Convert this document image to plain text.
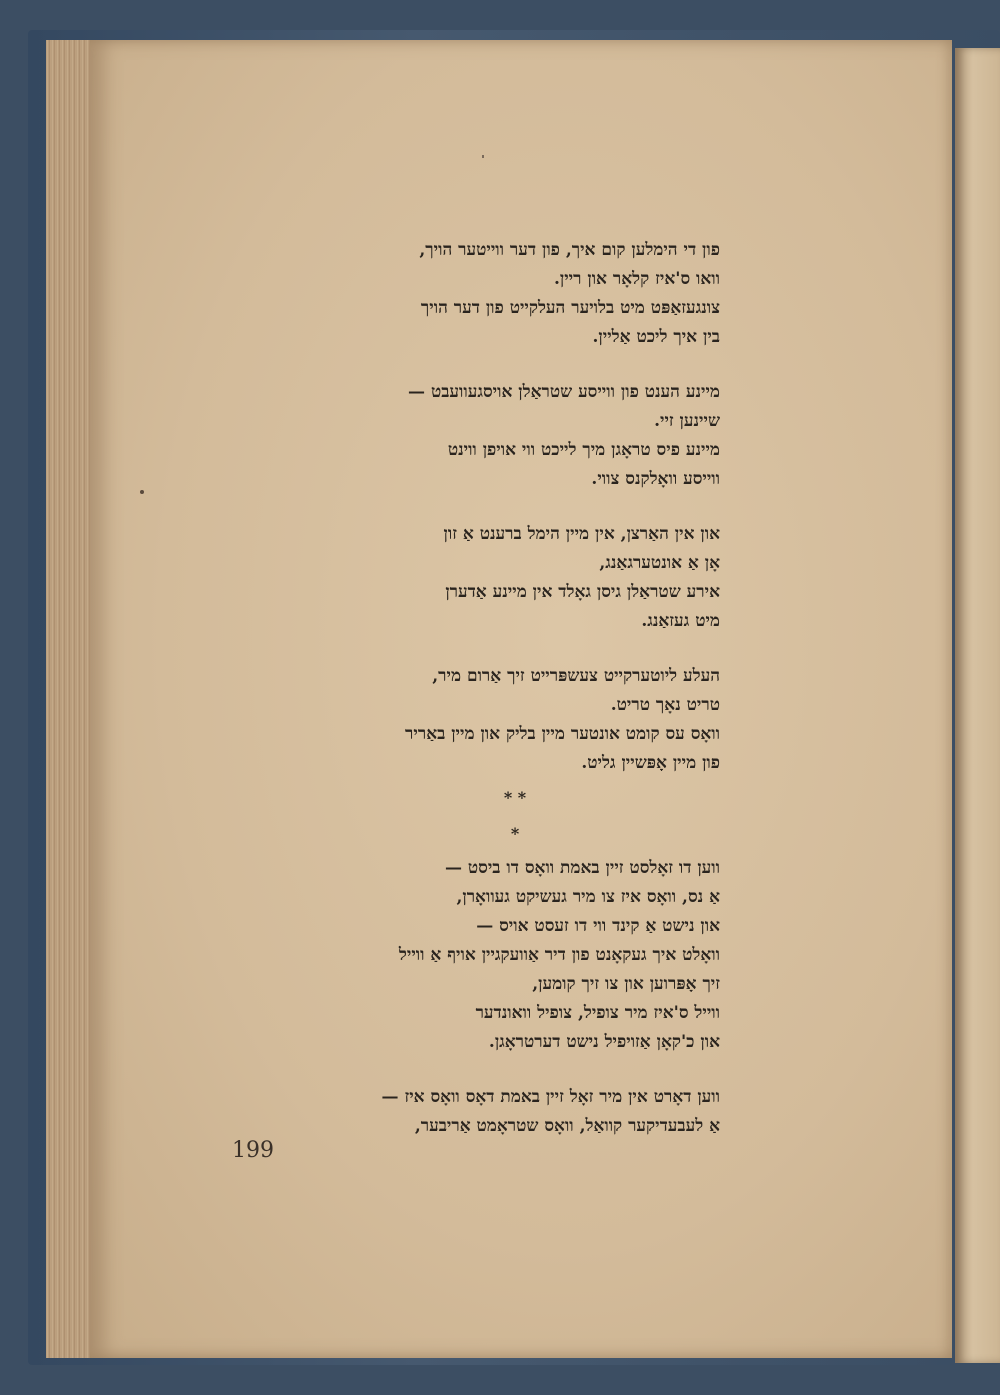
פון די הימלען קום איך, פון דער ווייטער הויך,
וואו ס'איז קלאָר און ריין.
צונגעזאַפּט מיט בלויער העלקייט פון דער הויך
בין איך ליכט אַליין.
מיינע הענט פון ווייסע שטראַלן אויסגעוועבט —
שיינען זיי.
מיינע פיס טראָגן מיך לייכט ווי אויפן ווינט
ווייסע וואָלקנס צווי.
און אין האַרצן, אין מיין הימל ברענט אַ זון
אָן אַ אונטערגאַנג,
אירע שטראַלן גיסן גאָלד אין מיינע אַדערן
מיט געזאַנג.
העלע ליוטערקייט צעשפּרייט זיך אַרום מיר,
טריט נאָך טריט.
וואָס עס קומט אונטער מיין בליק און מיין באַריר
פון מיין אָפּשיין גליט.
* *
*
ווען דו זאָלסט זיין באמת וואָס דו ביסט —
אַ נס, וואָס איז צו מיר געשיקט געוואָרן,
און נישט אַ קינד ווי דו זעסט אויס —
וואָלט איך געקאָנט פון דיר אַוועקגיין אויף אַ ווייל
זיך אָפּרוען און צו זיך קומען,
ווייל ס'איז מיר צופיל, צופיל וואונדער
און כ'קאָן אַזויפיל נישט דערטראָגן.
ווען דאָרט אין מיר זאָל זיין באמת דאָס וואָס איז —
אַ לעבעדיקער קוואַל, וואָס שטראָמט אַריבער,
199
